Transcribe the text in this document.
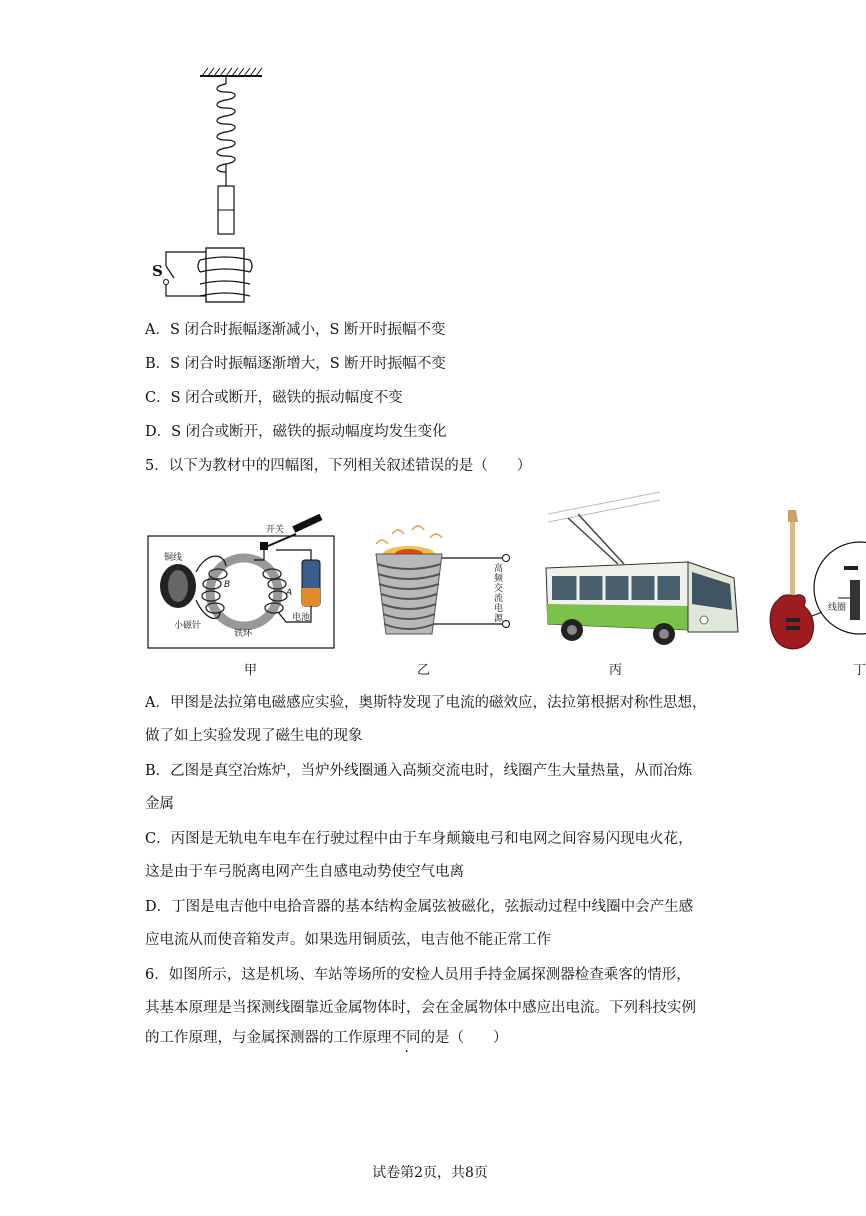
S
A．S 闭合时振幅逐渐减小，S 断开时振幅不变
B．S 闭合时振幅逐渐增大，S 断开时振幅不变
C．S 闭合或断开，磁铁的振动幅度不变
D．S 闭合或断开，磁铁的振动幅度均发生变化
5．以下为教材中的四幅图，下列相关叙述错误的是（　　）
开关
铜线
小磁针
铁环
电池
A
B
高频交流电源
线圈
甲	乙	丙	丁
A．甲图是法拉第电磁感应实验，奥斯特发现了电流的磁效应，法拉第根据对称性思想，
做了如上实验发现了磁生电的现象
B．乙图是真空冶炼炉，当炉外线圈通入高频交流电时，线圈产生大量热量，从而冶炼
金属
C．丙图是无轨电车电车在行驶过程中由于车身颠簸电弓和电网之间容易闪现电火花，
这是由于车弓脱离电网产生自感电动势使空气电离
D．丁图是电吉他中电拾音器的基本结构金属弦被磁化，弦振动过程中线圈中会产生感
应电流从而使音箱发声。如果选用铜质弦，电吉他不能正常工作
6．如图所示，这是机场、车站等场所的安检人员用手持金属探测器检查乘客的情形，
其基本原理是当探测线圈靠近金属物体时，会在金属物体中感应出电流。下列科技实例
的工作原理，与金属探测器的工作原理不同的是（　　）
试卷第2页，共8页
